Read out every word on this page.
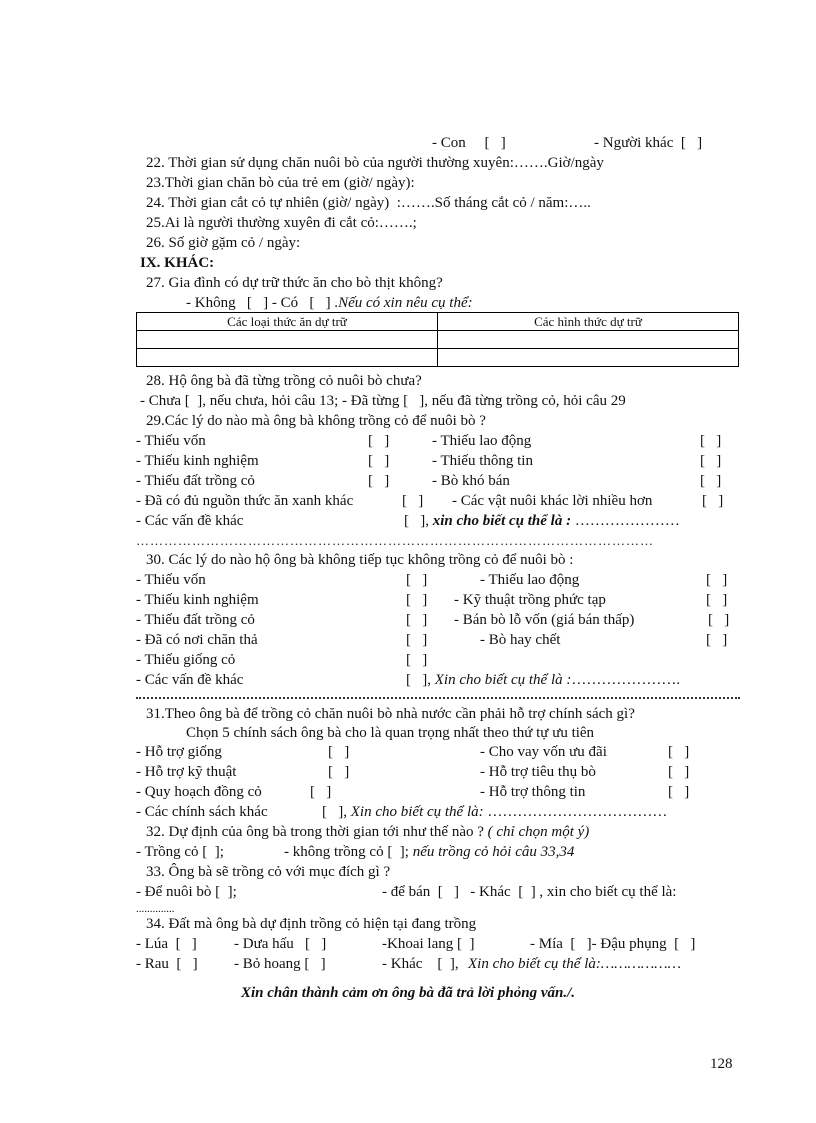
- Con     [   ]	- Người khác  [   ]
22. Thời gian sử dụng chăn nuôi bò của người thường xuyên:…….Giờ/ngày
23.Thời gian chăn bò của trẻ em (giờ/ ngày):
24. Thời gian cắt cỏ tự nhiên (giờ/ ngày)  :…….Số tháng cắt cỏ / năm:…..
25.Ai là người thường xuyên đi cắt cỏ:…….;
26. Số giờ gặm cỏ / ngày:
IX. KHÁC:
27. Gia đình có dự trữ thức ăn cho bò thịt không?
- Không   [   ] - Có   [   ] .Nếu có xin nêu cụ thể:
Các loại thức ăn dự trữ	Các hình thức dự trữ

28. Hộ ông bà đã từng trồng cỏ nuôi bò chưa?
- Chưa [  ], nếu chưa, hỏi câu 13; - Đã từng [   ], nếu đã từng trồng cỏ, hỏi câu 29
29.Các lý do nào mà ông bà không trồng cỏ để nuôi bò ?
- Thiếu vốn	[   ]	- Thiếu lao động	[   ]
- Thiếu kinh nghiệm	[   ]	- Thiếu thông tin	[   ]
- Thiếu đất trồng cỏ	[   ]	- Bò khó bán	[   ]
- Đã có đủ nguồn thức ăn xanh khác	[   ] - Các vật nuôi khác lời nhiều hơn	[   ]
- Các vấn đề khác	[   ], xin cho biết cụ thể là : …………………
…………………………………………………………………………………………………
30. Các lý do nào hộ ông bà không tiếp tục không trồng cỏ để nuôi bò :
- Thiếu vốn	[   ]	- Thiếu lao động	[   ]
- Thiếu kinh nghiệm	[   ] - Kỹ thuật trồng phức tạp	[   ]
- Thiếu đất trồng cỏ	[   ] - Bán bò lỗ vốn (giá bán thấp)	[   ]
- Đã có nơi chăn thả	[   ]	- Bò hay chết	[   ]
- Thiếu giống cỏ	[   ]
- Các vấn đề khác	[   ], Xin cho biết cụ thể là :………………….
31.Theo ông bà để trồng cỏ chăn nuôi bò nhà nước cần phải hỗ trợ chính sách gì?
Chọn 5 chính sách ông bà cho là quan trọng nhất theo thứ tự ưu tiên
- Hỗ trợ giống	[   ]	- Cho vay vốn ưu đãi	[   ]
- Hỗ trợ kỹ thuật	[   ]	- Hỗ trợ tiêu thụ bò	[   ]
- Quy hoạch đồng cỏ	[   ]	- Hỗ trợ thông tin	[   ]
- Các chính sách khác	[   ], Xin cho biết cụ thể là: ………………………………
32. Dự định của ông bà trong thời gian tới như thế nào ? ( chỉ chọn một ý)
- Trồng cỏ [  ];	- không trồng cỏ [  ]; nếu trồng cỏ hỏi câu 33,34
33. Ông bà sẽ trồng cỏ với mục đích gì ?
- Để nuôi bò [  ];	- để bán  [   ]   - Khác  [  ] , xin cho biết cụ thể là:
..............
34. Đất mà ông bà dự định trồng cỏ hiện tại đang trồng
- Lúa  [   ] - Dưa hấu   [   ]	-Khoai lang [  ]	- Mía  [   ]- Đậu phụng  [   ]
- Rau  [   ] - Bỏ hoang [   ]	- Khác    [  ], Xin cho biết cụ thể là:………………
Xin chân thành cảm ơn ông bà đã trả lời phỏng vấn./.
128
